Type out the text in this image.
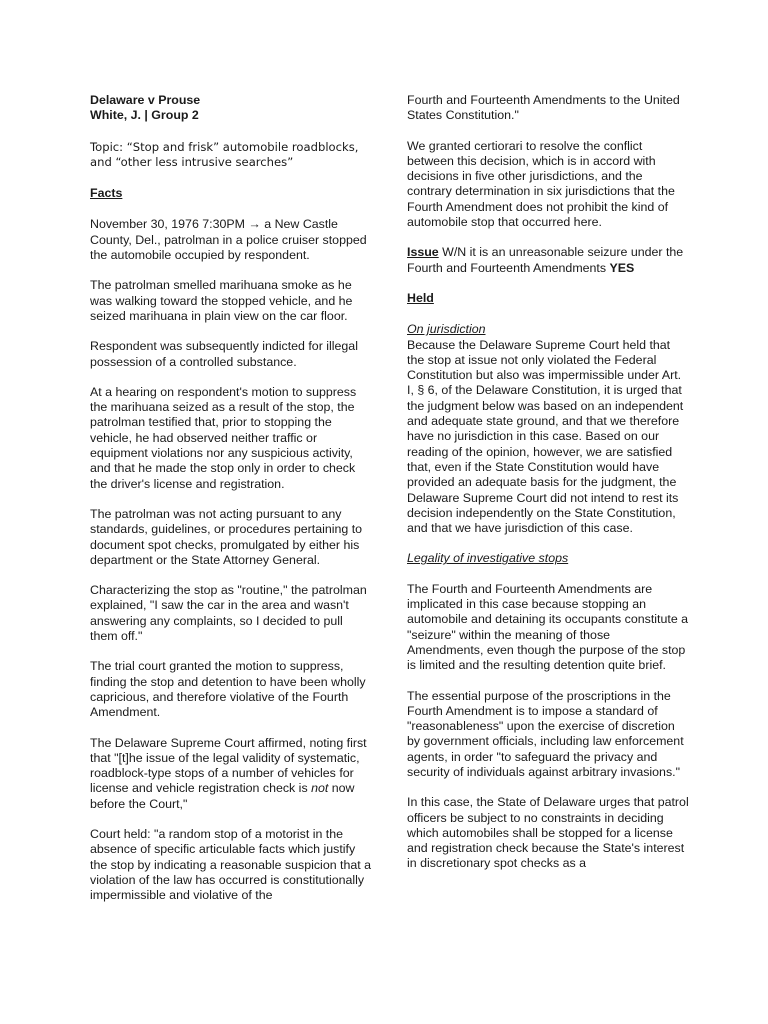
Delaware v Prouse
White, J. | Group 2

Topic: “Stop and frisk” automobile roadblocks, and “other less intrusive searches”

Facts

November 30, 1976 7:30PM → a New Castle County, Del., patrolman in a police cruiser stopped the automobile occupied by respondent.

The patrolman smelled marihuana smoke as he was walking toward the stopped vehicle, and he seized marihuana in plain view on the car floor.

Respondent was subsequently indicted for illegal possession of a controlled substance.

At a hearing on respondent's motion to suppress the marihuana seized as a result of the stop, the patrolman testified that, prior to stopping the vehicle, he had observed neither traffic or equipment violations nor any suspicious activity, and that he made the stop only in order to check the driver's license and registration.

The patrolman was not acting pursuant to any standards, guidelines, or procedures pertaining to document spot checks, promulgated by either his department or the State Attorney General.

Characterizing the stop as "routine," the patrolman explained, "I saw the car in the area and wasn't answering any complaints, so I decided to pull them off."

The trial court granted the motion to suppress, finding the stop and detention to have been wholly capricious, and therefore violative of the Fourth Amendment.

The Delaware Supreme Court affirmed, noting first that "[t]he issue of the legal validity of systematic, roadblock-type stops of a number of vehicles for license and vehicle registration check is not now before the Court,"

Court held: "a random stop of a motorist in the absence of specific articulable facts which justify the stop by indicating a reasonable suspicion that a violation of the law has occurred is constitutionally impermissible and violative of the

Fourth and Fourteenth Amendments to the United States Constitution."

We granted certiorari to resolve the conflict between this decision, which is in accord with decisions in five other jurisdictions, and the contrary determination in six jurisdictions that the Fourth Amendment does not prohibit the kind of automobile stop that occurred here.

Issue W/N it is an unreasonable seizure under the Fourth and Fourteenth Amendments YES

Held

On jurisdiction

Because the Delaware Supreme Court held that the stop at issue not only violated the Federal Constitution but also was impermissible under Art. I, § 6, of the Delaware Constitution, it is urged that the judgment below was based on an independent and adequate state ground, and that we therefore have no jurisdiction in this case. Based on our reading of the opinion, however, we are satisfied that, even if the State Constitution would have provided an adequate basis for the judgment, the Delaware Supreme Court did not intend to rest its decision independently on the State Constitution, and that we have jurisdiction of this case.

Legality of investigative stops

The Fourth and Fourteenth Amendments are implicated in this case because stopping an automobile and detaining its occupants constitute a "seizure" within the meaning of those Amendments, even though the purpose of the stop is limited and the resulting detention quite brief.

The essential purpose of the proscriptions in the Fourth Amendment is to impose a standard of "reasonableness" upon the exercise of discretion by government officials, including law enforcement agents, in order "to safeguard the privacy and security of individuals against arbitrary invasions."

In this case, the State of Delaware urges that patrol officers be subject to no constraints in deciding which automobiles shall be stopped for a license and registration check because the State's interest in discretionary spot checks as a
